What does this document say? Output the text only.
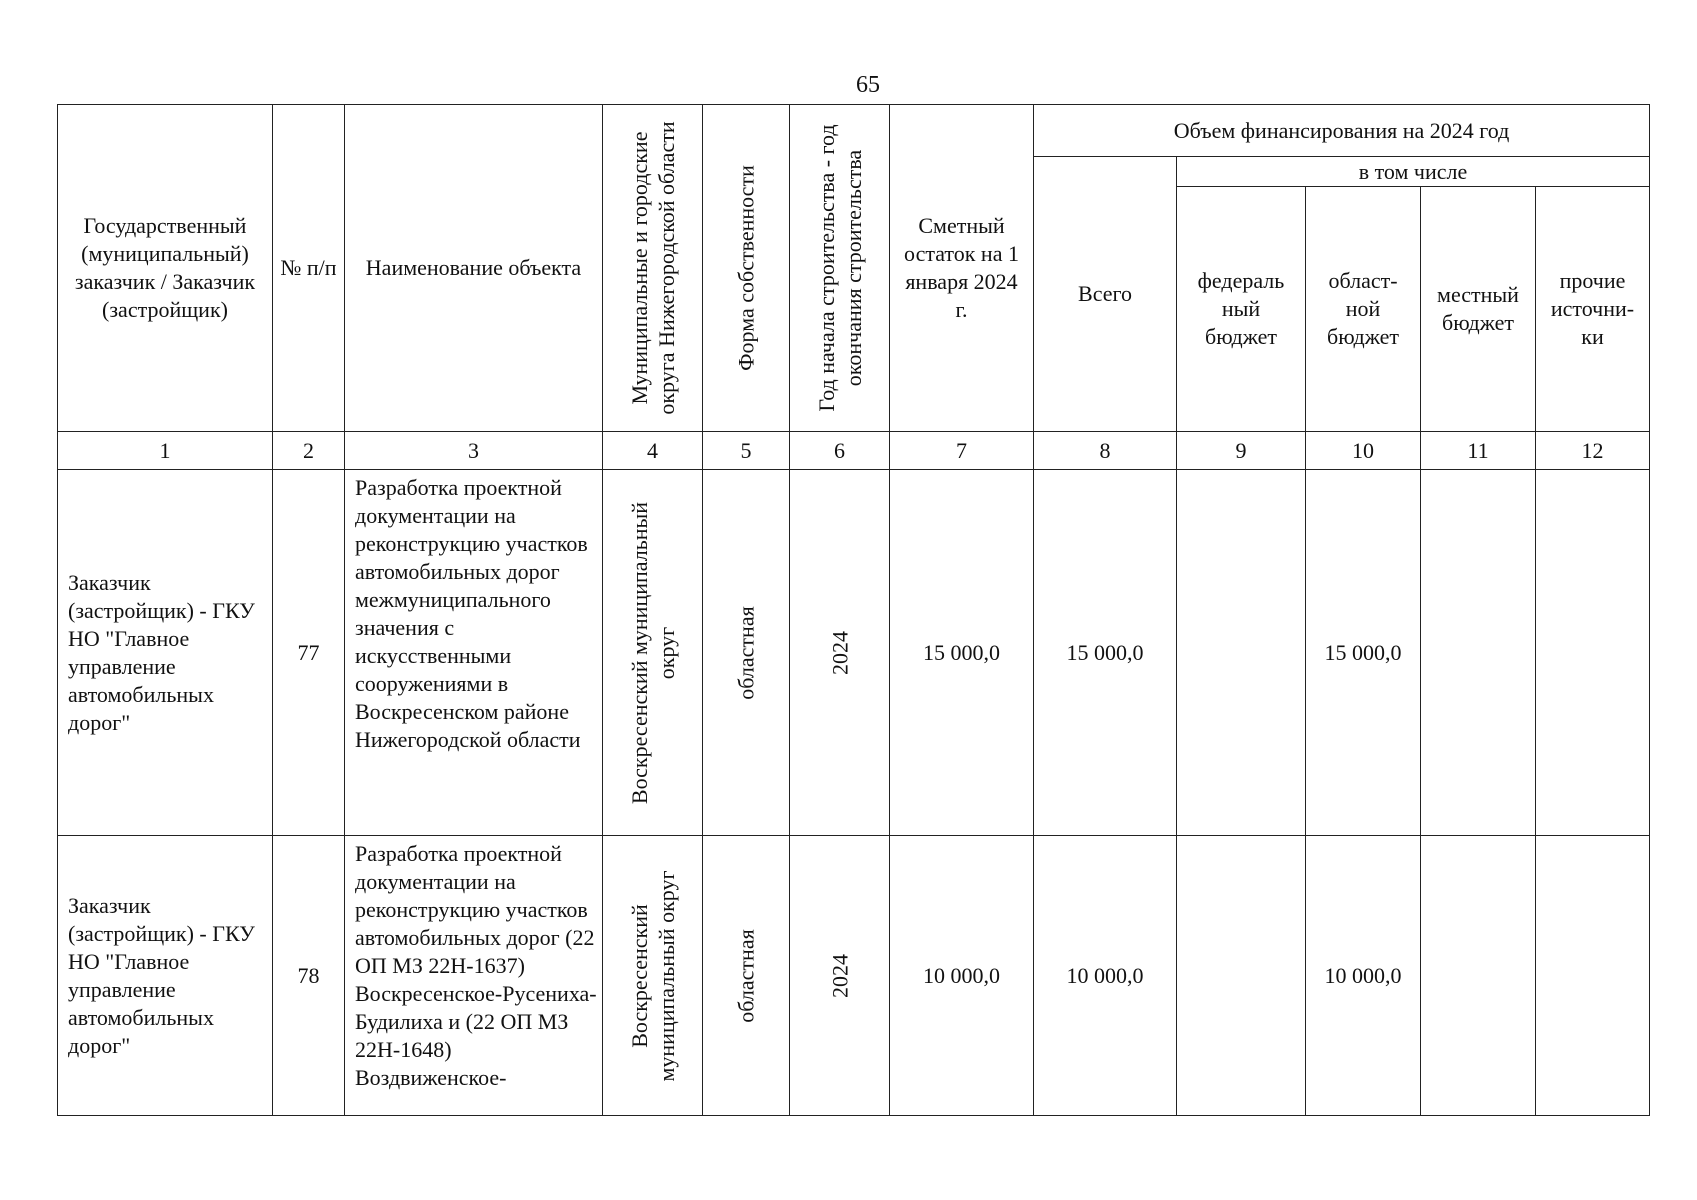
65
Государственный (муниципальный) заказчик / Заказчик (застройщик)	№ п/п	Наименование объекта	Муниципальные и городские округа Нижегородской области	Форма собственности	Год начала строительства - год окончания строительства	Сметный остаток на 1 января 2024 г.	Объем финансирования на 2024 год				
							Всего	в том числе			
								федераль ный бюджет	област- ной бюджет	местный бюджет	прочие источни- ки
1	2	3	4	5	6	7	8	9	10	11	12
Заказчик (застройщик) - ГКУ НО "Главное управление автомобильных дорог"	77	Разработка проектной документации на реконструкцию участков автомобильных дорог межмуниципального значения с искусственными сооружениями в Воскресенском районе Нижегородской области	Воскресенский муниципальный округ	областная	2024	15 000,0	15 000,0		15 000,0		
Заказчик (застройщик) - ГКУ НО "Главное управление автомобильных дорог"	78	Разработка проектной документации на реконструкцию участков автомобильных дорог (22 ОП МЗ 22Н-1637) Воскресенское-Русениха-Будилиха и (22 ОП МЗ 22Н-1648) Воздвиженское-	Воскресенский муниципальный округ	областная	2024	10 000,0	10 000,0		10 000,0		
